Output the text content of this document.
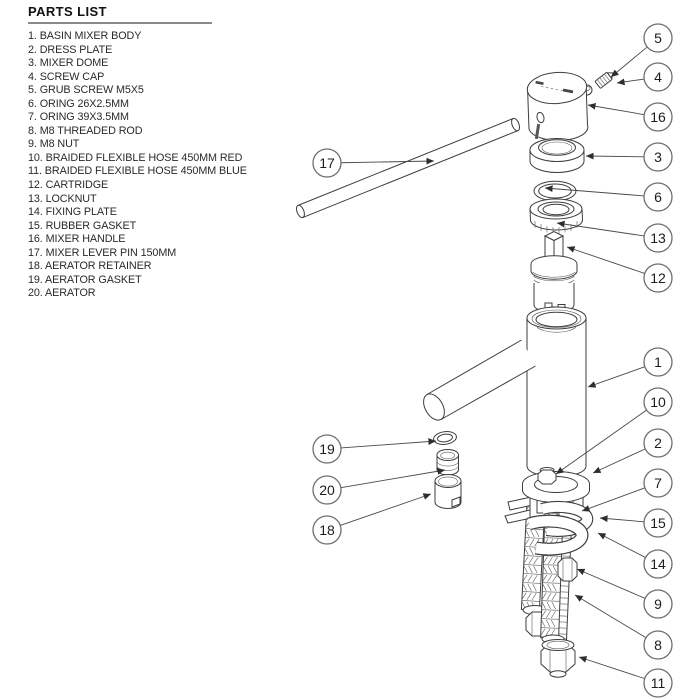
PARTS LIST
1. BASIN MIXER BODY
2. DRESS PLATE
3. MIXER DOME
4. SCREW CAP
5. GRUB SCREW M5X5
6. ORING 26X2.5MM
7. ORING 39X3.5MM
8. M8 THREADED ROD
9. M8 NUT
10. BRAIDED FLEXIBLE HOSE 450MM RED
11. BRAIDED FLEXIBLE HOSE 450MM BLUE
12. CARTRIDGE
13. LOCKNUT
14. FIXING PLATE
15. RUBBER GASKET
16. MIXER HANDLE
17. MIXER LEVER PIN 150MM
18. AERATOR RETAINER
19. AERATOR GASKET
20. AERATOR
5
4
16
3
6
13
12
1
10
2
7
15
14
9
8
11
17
19
20
18
